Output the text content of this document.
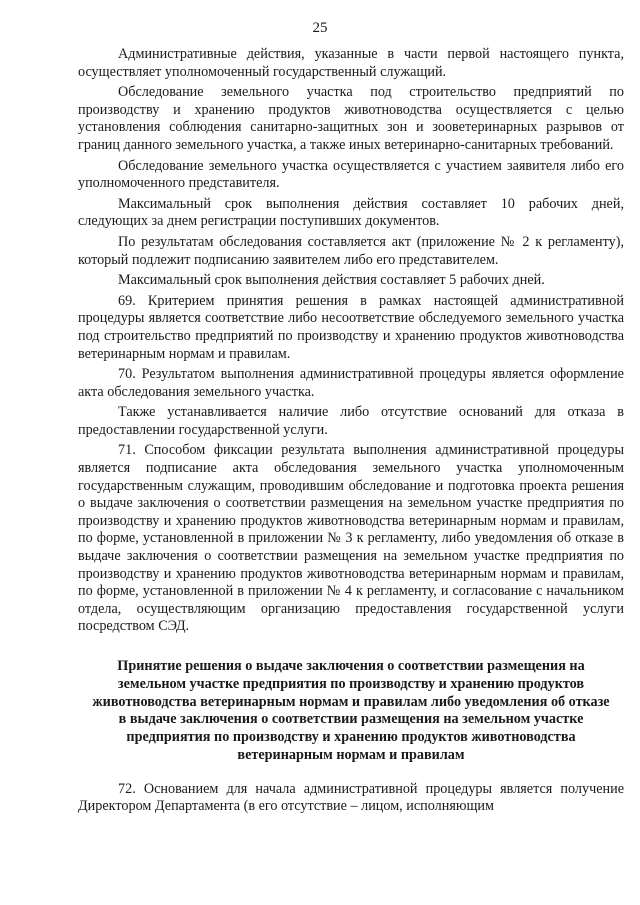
25

Административные действия, указанные в части первой настоящего пункта, осуществляет уполномоченный государственный служащий.

Обследование земельного участка под строительство предприятий по производству и хранению продуктов животноводства осуществляется с целью установления соблюдения санитарно-защитных зон и зооветеринарных разрывов от границ данного земельного участка, а также иных ветеринарно-санитарных требований.

Обследование земельного участка осуществляется с участием заявителя либо его уполномоченного представителя.

Максимальный срок выполнения действия составляет 10 рабочих дней, следующих за днем регистрации поступивших документов.

По результатам обследования составляется акт (приложение № 2 к регламенту), который подлежит подписанию заявителем либо его представителем.

Максимальный срок выполнения действия составляет 5 рабочих дней.

69. Критерием принятия решения в рамках настоящей административной процедуры является соответствие либо несоответствие обследуемого земельного участка под строительство предприятий по производству и хранению продуктов животноводства ветеринарным нормам и правилам.

70. Результатом выполнения административной процедуры является оформление акта обследования земельного участка.

Также устанавливается наличие либо отсутствие оснований для отказа в предоставлении государственной услуги.

71. Способом фиксации результата выполнения административной процедуры является подписание акта обследования земельного участка уполномоченным государственным служащим, проводившим обследование и подготовка проекта решения о выдаче заключения о соответствии размещения на земельном участке предприятия по производству и хранению продуктов животноводства ветеринарным нормам и правилам, по форме, установленной в приложении № 3 к регламенту, либо уведомления об отказе в выдаче заключения о соответствии размещения на земельном участке предприятия по производству и хранению продуктов животноводства ветеринарным нормам и правилам, по форме, установленной в приложении № 4 к регламенту, и согласование с начальником отдела, осуществляющим организацию предоставления государственной услуги посредством СЭД.

Принятие решения о выдаче заключения о соответствии размещения на земельном участке предприятия по производству и хранению продуктов животноводства ветеринарным нормам и правилам либо уведомления об отказе в выдаче заключения о соответствии размещения на земельном участке предприятия по производству и хранению продуктов животноводства ветеринарным нормам и правилам

72. Основанием для начала административной процедуры является получение Директором Департамента (в его отсутствие – лицом, исполняющим
